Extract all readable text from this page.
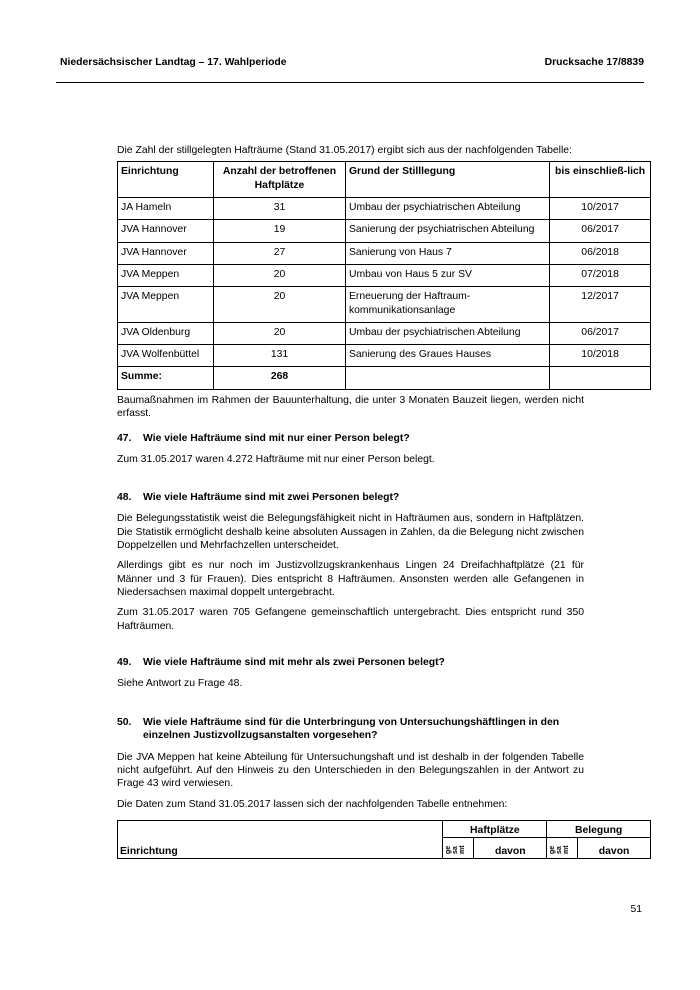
Niedersächsischer Landtag – 17. Wahlperiode	Drucksache 17/8839
Die Zahl der stillgelegten Hafträume (Stand 31.05.2017) ergibt sich aus der nachfolgenden Tabelle:
Einrichtung	Anzahl der betroffenen Haftplätze	Grund der Stilllegung	bis einschließ-lich
JA Hameln	31	Umbau der psychiatrischen Abteilung	10/2017
JVA Hannover	19	Sanierung der psychiatrischen Abteilung	06/2017
JVA Hannover	27	Sanierung von Haus 7	06/2018
JVA Meppen	20	Umbau von Haus 5 zur SV	07/2018
JVA Meppen	20	Erneuerung der Haftraum-kommunikationsanlage	12/2017
JVA Oldenburg	20	Umbau der psychiatrischen Abteilung	06/2017
JVA Wolfenbüttel	131	Sanierung des Graues Hauses	10/2018
Summe:	268		
Baumaßnahmen im Rahmen der Bauunterhaltung, die unter 3 Monaten Bauzeit liegen, werden nicht erfasst.
47.	Wie viele Hafträume sind mit nur einer Person belegt?

Zum 31.05.2017 waren 4.272 Hafträume mit nur einer Person belegt.

48.	Wie viele Hafträume sind mit zwei Personen belegt?

Die Belegungsstatistik weist die Belegungsfähigkeit nicht in Hafträumen aus, sondern in Haftplätzen. Die Statistik ermöglicht deshalb keine absoluten Aussagen in Zahlen, da die Belegung nicht zwischen Doppelzellen und Mehrfachzellen unterscheidet.

Allerdings gibt es nur noch im Justizvollzugskrankenhaus Lingen 24 Dreifachhaftplätze (21 für Männer und 3 für Frauen). Dies entspricht 8 Hafträumen. Ansonsten werden alle Gefangenen in Niedersachsen maximal doppelt untergebracht.

Zum 31.05.2017 waren 705 Gefangene gemeinschaftlich untergebracht. Dies entspricht rund 350 Hafträumen.

49.	Wie viele Hafträume sind mit mehr als zwei Personen belegt?

Siehe Antwort zu Frage 48.

50.	Wie viele Hafträume sind für die Unterbringung von Untersuchungshäftlingen in den einzelnen Justizvollzugsanstalten vorgesehen?

Die JVA Meppen hat keine Abteilung für Untersuchungshaft und ist deshalb in der folgenden Tabelle nicht aufgeführt. Auf den Hinweis zu den Unterschieden in den Belegungszahlen in der Antwort zu Frage 43 wird verwiesen.

Die Daten zum Stand 31.05.2017 lassen sich der nachfolgenden Tabelle entnehmen:

Einrichtung	Haftplätze		Belegung	
	ge sa mt	davon	ge sa mt	davon
51
